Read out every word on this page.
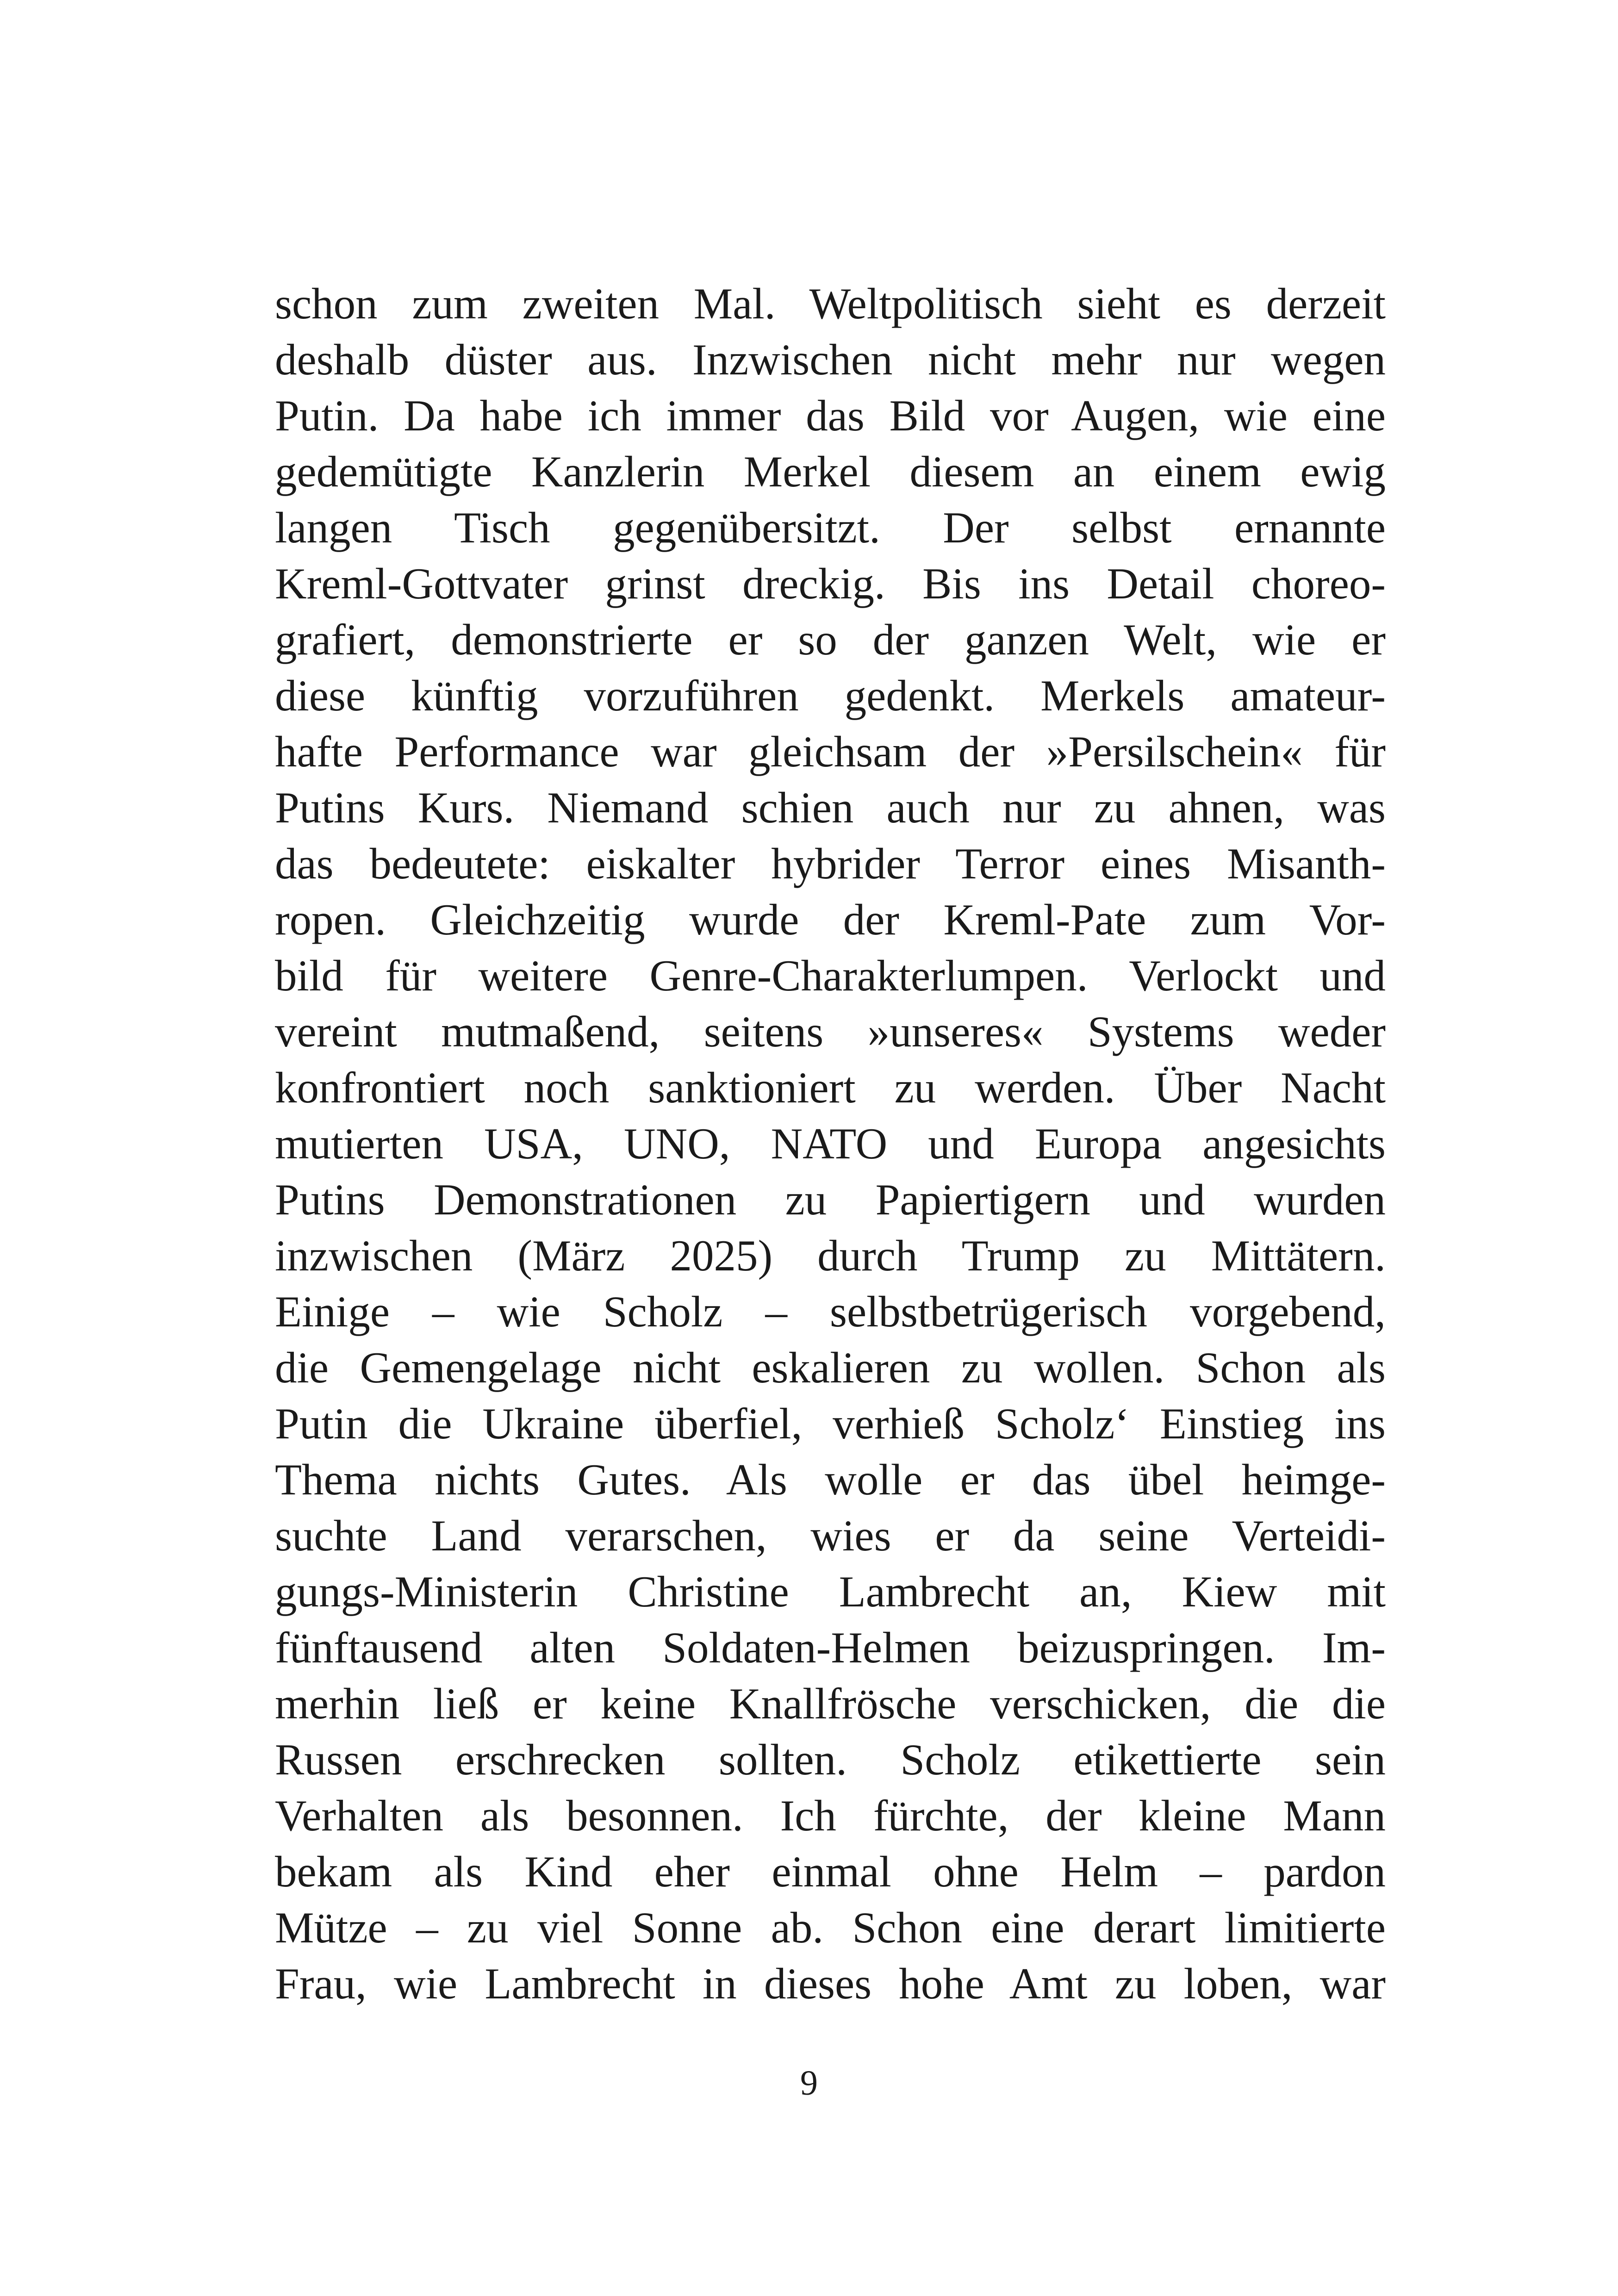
schon zum zweiten Mal. Weltpolitisch sieht es derzeit
deshalb düster aus. Inzwischen nicht mehr nur wegen
Putin. Da habe ich immer das Bild vor Augen, wie eine
gedemütigte Kanzlerin Merkel diesem an einem ewig
langen Tisch gegenübersitzt. Der selbst ernannte
Kreml-Gottvater grinst dreckig. Bis ins Detail choreo-
grafiert, demonstrierte er so der ganzen Welt, wie er
diese künftig vorzuführen gedenkt. Merkels amateur-
hafte Performance war gleichsam der »Persilschein« für
Putins Kurs. Niemand schien auch nur zu ahnen, was
das bedeutete: eiskalter hybrider Terror eines Misanth-
ropen. Gleichzeitig wurde der Kreml-Pate zum Vor-
bild für weitere Genre-Charakterlumpen. Verlockt und
vereint mutmaßend, seitens »unseres« Systems weder
konfrontiert noch sanktioniert zu werden. Über Nacht
mutierten USA, UNO, NATO und Europa angesichts
Putins Demonstrationen zu Papiertigern und wurden
inzwischen (März 2025) durch Trump zu Mittätern.
Einige – wie Scholz – selbstbetrügerisch vorgebend,
die Gemengelage nicht eskalieren zu wollen. Schon als
Putin die Ukraine überfiel, verhieß Scholz‘ Einstieg ins
Thema nichts Gutes. Als wolle er das übel heimge-
suchte Land verarschen, wies er da seine Verteidi-
gungs-Ministerin Christine Lambrecht an, Kiew mit
fünftausend alten Soldaten-Helmen beizuspringen. Im-
merhin ließ er keine Knallfrösche verschicken, die die
Russen erschrecken sollten. Scholz etikettierte sein
Verhalten als besonnen. Ich fürchte, der kleine Mann
bekam als Kind eher einmal ohne Helm – pardon
Mütze – zu viel Sonne ab. Schon eine derart limitierte
Frau, wie Lambrecht in dieses hohe Amt zu loben, war
9
